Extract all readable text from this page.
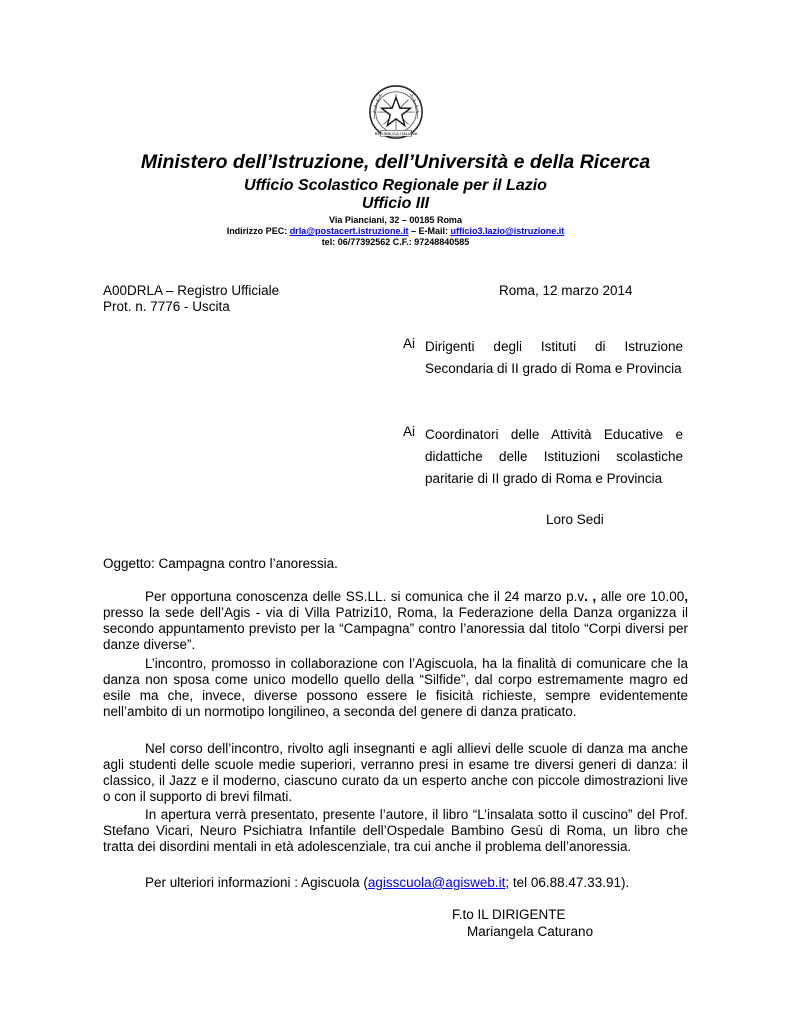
REPUBBLICA ITALIANA
Ministero dell’Istruzione, dell’Università e della Ricerca
Ufficio Scolastico Regionale per il Lazio
Ufficio III
Via Pianciani, 32 – 00185 Roma
Indirizzo PEC: drla@postacert.istruzione.it – E-Mail: ufficio3.lazio@istruzione.it
tel: 06/77392562 C.F.: 97248840585
A00DRLA – Registro Ufficiale
Prot. n. 7776 - Uscita
Roma, 12 marzo 2014
Ai Dirigenti degli Istituti di Istruzione Secondaria di II grado di Roma e Provincia
Ai Coordinatori delle Attività Educative e didattiche delle Istituzioni scolastiche paritarie di II grado di Roma e Provincia
Loro Sedi
Oggetto: Campagna contro l’anoressia.
Per opportuna conoscenza delle SS.LL. si comunica che il 24 marzo p.v. , alle ore 10.00, presso la sede dell’Agis - via di Villa Patrizi10, Roma, la Federazione della Danza organizza il secondo appuntamento previsto per la “Campagna” contro l’anoressia dal titolo “Corpi diversi per danze diverse”.
L’incontro, promosso in collaborazione con l’Agiscuola, ha la finalità di comunicare che la danza non sposa come unico modello quello della “Silfide”, dal corpo estremamente magro ed esile ma che, invece, diverse possono essere le fisicità richieste, sempre evidentemente nell’ambito di un normotipo longilineo, a seconda del genere di danza praticato.
Nel corso dell’incontro, rivolto agli insegnanti e agli allievi delle scuole di danza ma anche agli studenti delle scuole medie superiori, verranno presi in esame tre diversi generi di danza: il classico, il Jazz e il moderno, ciascuno curato da un esperto anche con piccole dimostrazioni live o con il supporto di brevi filmati.
In apertura verrà presentato, presente l’autore, il libro “L’insalata sotto il cuscino” del Prof. Stefano Vicari, Neuro Psichiatra Infantile dell’Ospedale Bambino Gesù di Roma, un libro che tratta dei disordini mentali in età adolescenziale, tra cui anche il problema dell’anoressia.
Per ulteriori informazioni : Agiscuola (agisscuola@agisweb.it; tel 06.88.47.33.91).
F.to IL DIRIGENTE
Mariangela Caturano
